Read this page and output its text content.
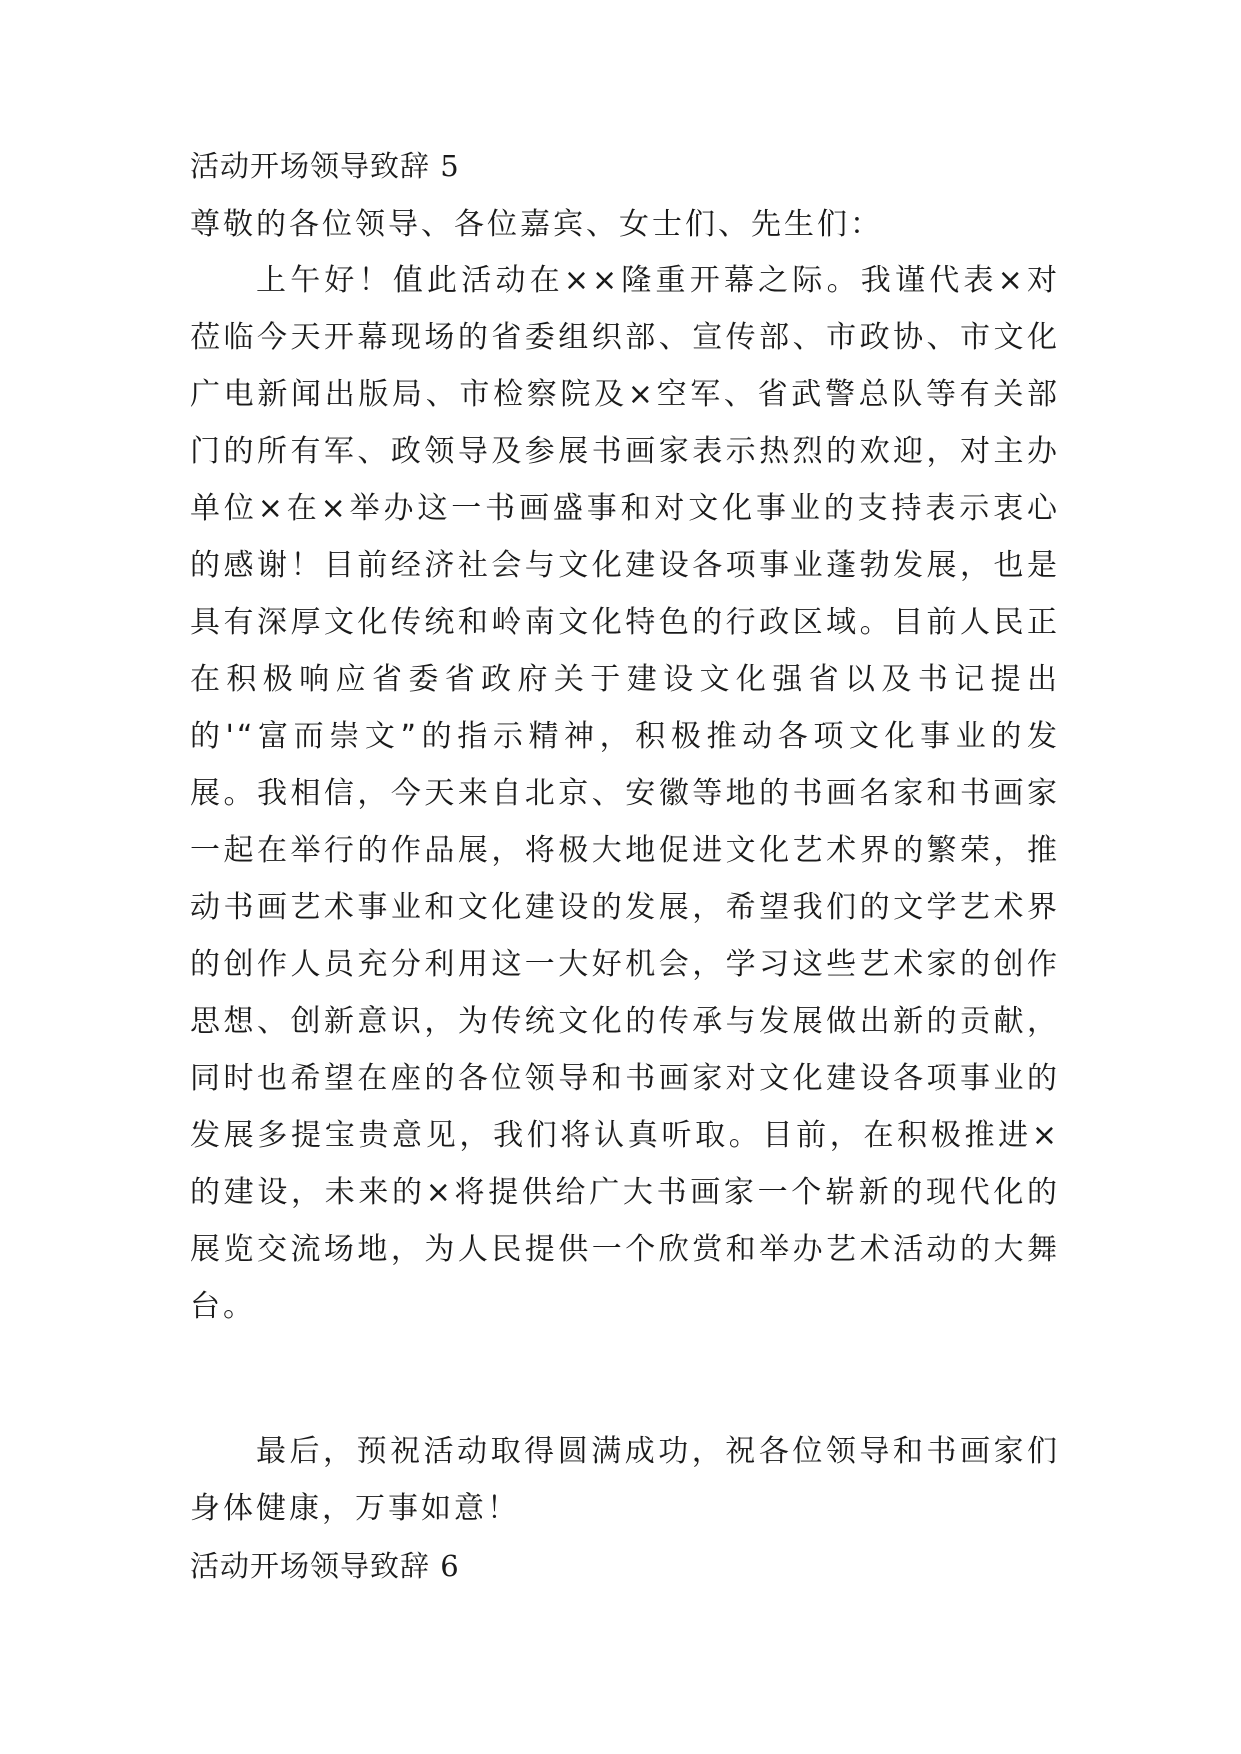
活动开场领导致辞 5
尊敬的各位领导、各位嘉宾、女士们、先生们：
上午好！值此活动在××隆重开幕之际。我谨代表×对莅临今天开幕现场的省委组织部、宣传部、市政协、市文化广电新闻出版局、市检察院及×空军、省武警总队等有关部门的所有军、政领导及参展书画家表示热烈的欢迎，对主办单位×在×举办这一书画盛事和对文化事业的支持表示衷心的感谢！目前经济社会与文化建设各项事业蓬勃发展，也是具有深厚文化传统和岭南文化特色的行政区域。目前人民正在积极响应省委省政府关于建设文化强省以及书记提出的'“富而崇文”的指示精神，积极推动各项文化事业的发展。我相信，今天来自北京、安徽等地的书画名家和书画家一起在举行的作品展，将极大地促进文化艺术界的繁荣，推动书画艺术事业和文化建设的发展，希望我们的文学艺术界的创作人员充分利用这一大好机会，学习这些艺术家的创作思想、创新意识，为传统文化的传承与发展做出新的贡献，同时也希望在座的各位领导和书画家对文化建设各项事业的发展多提宝贵意见，我们将认真听取。目前，在积极推进×的建设，未来的×将提供给广大书画家一个崭新的现代化的展览交流场地，为人民提供一个欣赏和举办艺术活动的大舞台。
最后，预祝活动取得圆满成功，祝各位领导和书画家们身体健康，万事如意！
活动开场领导致辞 6
